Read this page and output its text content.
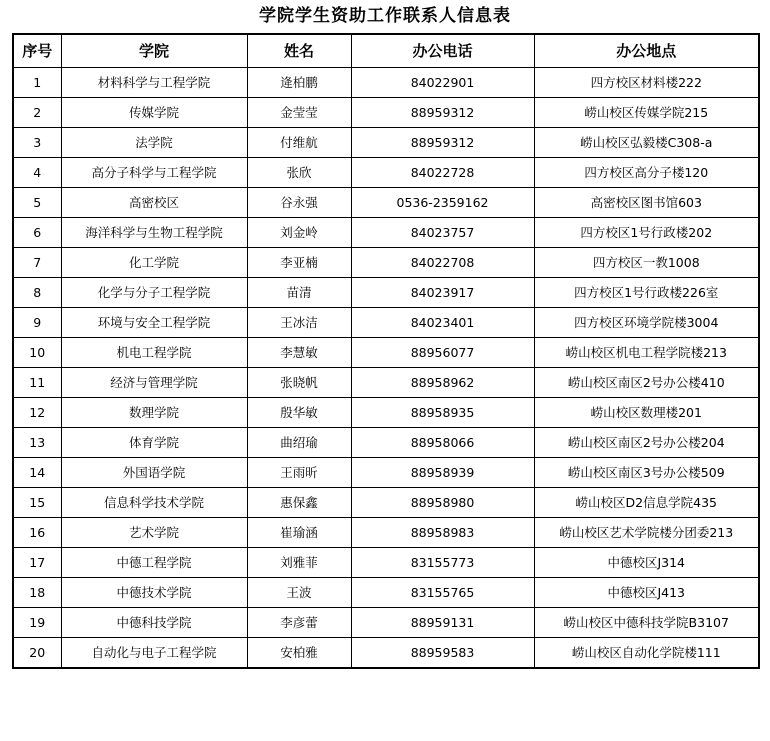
学院学生资助工作联系人信息表
序号	学院	姓名	办公电话	办公地点
1	材料科学与工程学院	逄柏鹏	84022901	四方校区材料楼222
2	传媒学院	金莹莹	88959312	崂山校区传媒学院215
3	法学院	付维航	88959312	崂山校区弘毅楼C308-a
4	高分子科学与工程学院	张欣	84022728	四方校区高分子楼120
5	高密校区	谷永强	0536-2359162	高密校区图书馆603
6	海洋科学与生物工程学院	刘金岭	84023757	四方校区1号行政楼202
7	化工学院	李亚楠	84022708	四方校区一教1008
8	化学与分子工程学院	苗清	84023917	四方校区1号行政楼226室
9	环境与安全工程学院	王冰洁	84023401	四方校区环境学院楼3004
10	机电工程学院	李慧敏	88956077	崂山校区机电工程学院楼213
11	经济与管理学院	张晓帆	88958962	崂山校区南区2号办公楼410
12	数理学院	殷华敏	88958935	崂山校区数理楼201
13	体育学院	曲绍瑜	88958066	崂山校区南区2号办公楼204
14	外国语学院	王雨昕	88958939	崂山校区南区3号办公楼509
15	信息科学技术学院	惠保鑫	88958980	崂山校区D2信息学院435
16	艺术学院	崔瑜涵	88958983	崂山校区艺术学院楼分团委213
17	中德工程学院	刘雅菲	83155773	中德校区J314
18	中德技术学院	王波	83155765	中德校区J413
19	中德科技学院	李彦蕾	88959131	崂山校区中德科技学院B3107
20	自动化与电子工程学院	安柏雅	88959583	崂山校区自动化学院楼111
